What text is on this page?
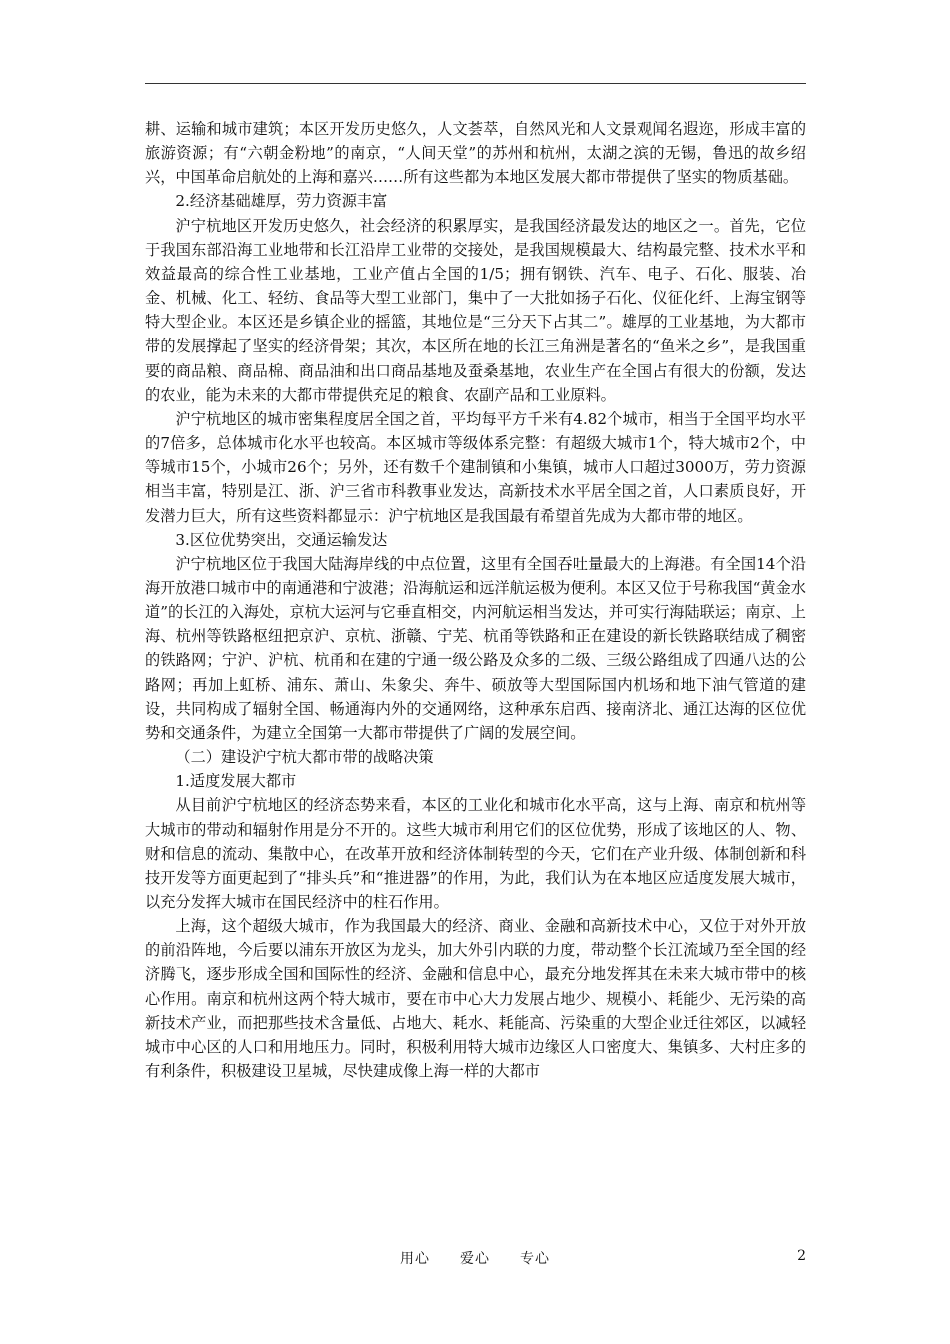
耕、运输和城市建筑；本区开发历史悠久，人文荟萃，自然风光和人文景观闻名遐迩，形成丰富的旅游资源；有“六朝金粉地”的南京，“人间天堂”的苏州和杭州，太湖之滨的无锡，鲁迅的故乡绍兴，中国革命启航处的上海和嘉兴……所有这些都为本地区发展大都市带提供了坚实的物质基础。

2.经济基础雄厚，劳力资源丰富

沪宁杭地区开发历史悠久，社会经济的积累厚实，是我国经济最发达的地区之一。首先，它位于我国东部沿海工业地带和长江沿岸工业带的交接处，是我国规模最大、结构最完整、技术水平和效益最高的综合性工业基地，工业产值占全国的1/5；拥有钢铁、汽车、电子、石化、服装、冶金、机械、化工、轻纺、食品等大型工业部门，集中了一大批如扬子石化、仪征化纤、上海宝钢等特大型企业。本区还是乡镇企业的摇篮，其地位是“三分天下占其二”。雄厚的工业基地，为大都市带的发展撑起了坚实的经济骨架；其次，本区所在地的长江三角洲是著名的“鱼米之乡”，是我国重要的商品粮、商品棉、商品油和出口商品基地及蚕桑基地，农业生产在全国占有很大的份额，发达的农业，能为未来的大都市带提供充足的粮食、农副产品和工业原料。

沪宁杭地区的城市密集程度居全国之首，平均每平方千米有4.82个城市，相当于全国平均水平的7倍多，总体城市化水平也较高。本区城市等级体系完整：有超级大城市1个，特大城市2个，中等城市15个，小城市26个；另外，还有数千个建制镇和小集镇，城市人口超过3000万，劳力资源相当丰富，特别是江、浙、沪三省市科教事业发达，高新技术水平居全国之首，人口素质良好，开发潜力巨大，所有这些资料都显示：沪宁杭地区是我国最有希望首先成为大都市带的地区。

3.区位优势突出，交通运输发达

沪宁杭地区位于我国大陆海岸线的中点位置，这里有全国吞吐量最大的上海港。有全国14个沿海开放港口城市中的南通港和宁波港；沿海航运和远洋航运极为便利。本区又位于号称我国“黄金水道”的长江的入海处，京杭大运河与它垂直相交，内河航运相当发达，并可实行海陆联运；南京、上海、杭州等铁路枢纽把京沪、京杭、浙赣、宁芜、杭甬等铁路和正在建设的新长铁路联结成了稠密的铁路网；宁沪、沪杭、杭甬和在建的宁通一级公路及众多的二级、三级公路组成了四通八达的公路网；再加上虹桥、浦东、萧山、朱象尖、奔牛、硕放等大型国际国内机场和地下油气管道的建设，共同构成了辐射全国、畅通海内外的交通网络，这种承东启西、接南济北、通江达海的区位优势和交通条件，为建立全国第一大都市带提供了广阔的发展空间。

（二）建设沪宁杭大都市带的战略决策

1.适度发展大都市

从目前沪宁杭地区的经济态势来看，本区的工业化和城市化水平高，这与上海、南京和杭州等大城市的带动和辐射作用是分不开的。这些大城市利用它们的区位优势，形成了该地区的人、物、财和信息的流动、集散中心，在改革开放和经济体制转型的今天，它们在产业升级、体制创新和科技开发等方面更起到了“排头兵”和“推进器”的作用，为此，我们认为在本地区应适度发展大城市，以充分发挥大城市在国民经济中的柱石作用。

上海，这个超级大城市，作为我国最大的经济、商业、金融和高新技术中心，又位于对外开放的前沿阵地，今后要以浦东开放区为龙头，加大外引内联的力度，带动整个长江流域乃至全国的经济腾飞，逐步形成全国和国际性的经济、金融和信息中心，最充分地发挥其在未来大城市带中的核心作用。南京和杭州这两个特大城市，要在市中心大力发展占地少、规模小、耗能少、无污染的高新技术产业，而把那些技术含量低、占地大、耗水、耗能高、污染重的大型企业迁往郊区，以减轻城市中心区的人口和用地压力。同时，积极利用特大城市边缘区人口密度大、集镇多、大村庄多的有利条件，积极建设卫星城，尽快建成像上海一样的大都市

用心　　爱心　　专心	2
